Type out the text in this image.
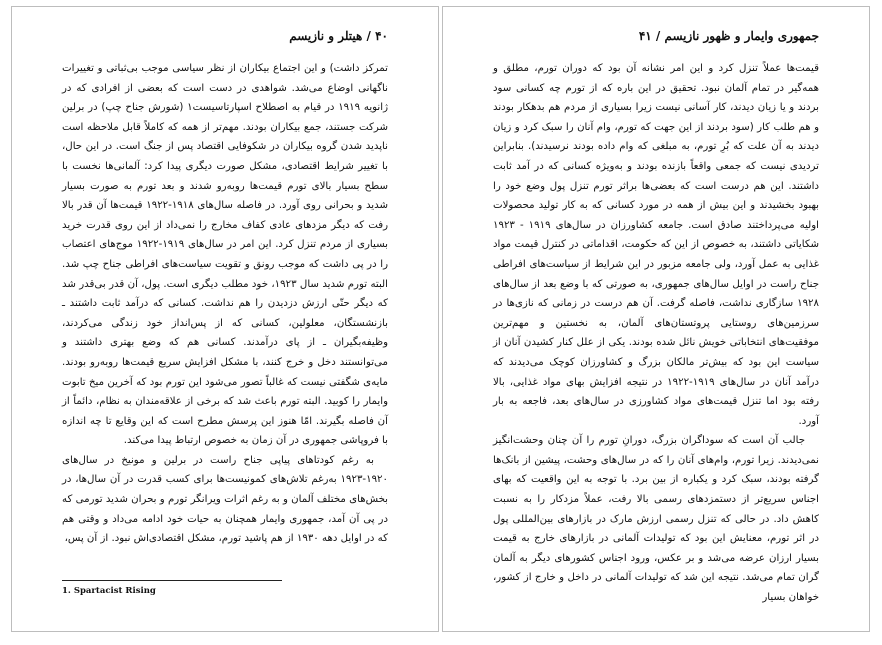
۴۰ / هیتلر و نازیسم

تمرکز داشت) و این اجتماع بیکاران از نظر سیاسی موجب بی‌ثباتی و تغییرات ناگهانی اوضاع می‌شد. شواهدی در دست است که بعضی از افرادی که در ژانویه ۱۹۱۹ در قیام به اصطلاح اسپارتاسیست۱ (شورش جناح چپ) در برلین شرکت جستند، جمع بیکاران بودند. مهم‌تر از همه که کاملاً قابل ملاحظه است ناپدید شدن گروه بیکاران در شکوفایی اقتصاد پس از جنگ است. در این حال، با تغییر شرایط اقتصادی، مشکل صورت دیگری پیدا کرد: آلمانی‌ها نخست با سطح بسیار بالای تورم قیمت‌ها روبه‌رو شدند و بعد تورم به صورت بسیار شدید و بحرانی روی آورد. در فاصله سال‌های ۱۹۱۸-۱۹۲۲ قیمت‌ها آن قدر بالا رفت که دیگر مزدهای عادی کفاف مخارج را نمی‌داد از این روی قدرت خرید بسیاری از مردم تنزل کرد. این امر در سال‌های ۱۹۱۹-۱۹۲۲ موج‌های اعتصاب را در پی داشت که موجب رونق و تقویت سیاست‌های افراطی جناح چپ شد. البته تورم شدید سال ۱۹۲۳، خود مطلب دیگری است. پول، آن قدر بی‌قدر شد که دیگر حتّی ارزش دزدیدن را هم نداشت. کسانی که درآمد ثابت داشتند ـ بازنشستگان، معلولین، کسانی که از پس‌انداز خود زندگی می‌کردند، وظیفه‌بگیران ـ از پای درآمدند. کسانی هم که وضع بهتری داشتند و می‌توانستند دخل و خرج کنند، با مشکل افزایش سریع قیمت‌ها روبه‌رو بودند. مایه‌ی شگفتی نیست که غالباً تصور می‌شود این تورم بود که آخرین میخ تابوت وایمار را کوبید. البته تورم باعث شد که برخی از علاقه‌مندان به نظام، دائماً از آن فاصله بگیرند. امّا هنوز این پرسش مطرح است که این وقایع تا چه اندازه با فروپاشی جمهوری در آن زمان به خصوص ارتباط پیدا می‌کند.

به رغم کودتاهای پیاپی جناح راست در برلین و مونیخ در سال‌های ۱۹۲۰-۱۹۲۳ به‌رغم تلاش‌های کمونیست‌ها برای کسب قدرت در آن سال‌ها، در بخش‌های مختلف آلمان و به رغم اثرات ویرانگر تورم و بحران شدید تورمی که در پی آن آمد، جمهوری وایمار همچنان به حیات خود ادامه می‌داد و وقتی هم که در اوایل دهه ۱۹۳۰ از هم پاشید تورم، مشکل اقتصادی‌اش نبود. از آن پس،

1. Spartacist Rising
جمهوری وایمار و ظهور نازیسم / ۴۱

قیمت‌ها عملاً تنزل کرد و این امر نشانه آن بود که دوران تورم، مطلق و همه‌گیر در تمام آلمان نبود. تحقیق در این باره که از تورم چه کسانی سود بردند و یا زیان دیدند، کار آسانی نیست زیرا بسیاری از مردم هم بدهکار بودند و هم طلب کار (سود بردند از این جهت که تورم، وام آنان را سبک کرد و زیان دیدند به آن علت که بُرِ تورم، به مبلغی که وام داده بودند نرسیدند). بنابراین تردیدی نیست که جمعی واقعاً بازنده بودند و به‌ویژه کسانی که در آمد ثابت داشتند. این هم درست است که بعضی‌ها براثر تورم تنزل پول وضع خود را بهبود بخشیدند و این بیش از همه در مورد کسانی که به کار تولید محصولات اولیه می‌پرداختند صادق است. جامعه کشاورزان در سال‌های ۱۹۱۹ - ۱۹۲۳ شکایاتی داشتند، به خصوص از این که حکومت، اقداماتی در کنترل قیمت مواد غذایی به عمل آورد، ولی جامعه مزبور در این شرایط از سیاست‌های افراطی جناح راست در اوایل سال‌های جمهوری، به صورتی که با وضع بعد از سال‌های ۱۹۲۸ سازگاری نداشت، فاصله گرفت. آن هم درست در زمانی که نازی‌ها در سرزمین‌های روستایی پروتستان‌های آلمان، به نخستین و مهم‌ترین موفقیت‌های انتخاباتی خویش نائل شده بودند. یکی از علل کنار کشیدن آنان از سیاست این بود که بیش‌تر مالکان بزرگ و کشاورزان کوچک می‌دیدند که درآمد آنان در سال‌های ۱۹۱۹-۱۹۲۲ در نتیجه افزایش بهای مواد غذایی، بالا رفته بود اما تنزل قیمت‌های مواد کشاورزی در سال‌های بعد، فاجعه به بار آورد.

جالب آن است که سوداگران بزرگ، دورانِ تورم را آن چنان وحشت‌انگیز نمی‌دیدند. زیرا تورم، وام‌های آنان را که در سال‌های وحشت، پیشین از بانک‌ها گرفته بودند، سبک کرد و یکباره از بین برد. با توجه به این واقعیت که بهای اجناس سریع‌تر از دستمزدهای رسمی بالا رفت، عملاً مزدکار را به نسبت کاهش داد. در حالی که تنزل رسمی ارزش مارک در بازارهای بین‌المللی پول در اثر تورم، معنایش این بود که تولیدات آلمانی در بازارهای خارج به قیمت بسیار ارزان عرضه می‌شد و بر عکس، ورود اجناس کشورهای دیگر به آلمان گران تمام می‌شد. نتیجه این شد که تولیدات آلمانی در داخل و خارج از کشور، خواهان بسیار
